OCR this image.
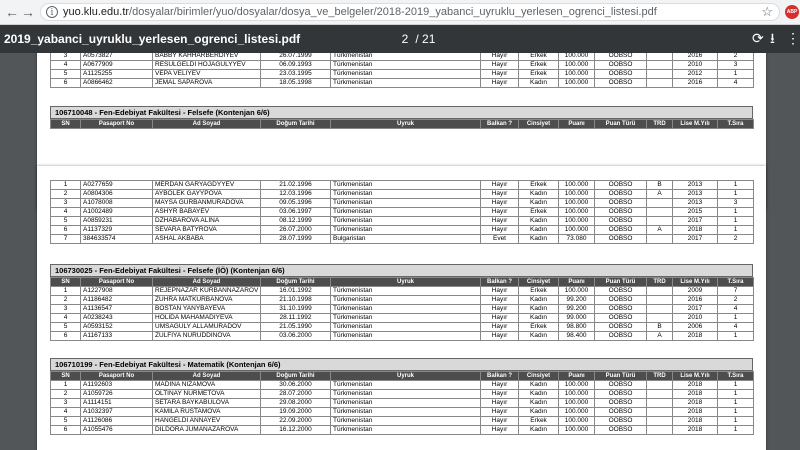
← →	i yuo.klu.edu.tr/dosyalar/birimler/yuo/dosyalar/dosya_ve_belgeler/2018-2019_yabanci_uyruklu_yerlesen_ogrenci_listesi.pdf	☆	ABP
2019_yabanci_uyruklu_yerlesen_ogrenci_listesi.pdf	2 / 21	⟳ ⭳ ⋮
3	A0573827	BABBY KAHHARBERDIYEV	26.07.1999	Türkmenistan	Hayır	Erkek	100.000	OOBSO		2016	2
4	A0677909	RESULGELDI HOJAGULYYEV	06.09.1993	Türkmenistan	Hayır	Erkek	100.000	OOBSO		2010	3
5	A1125255	VEPA VELIYEV	23.03.1995	Türkmenistan	Hayır	Erkek	100.000	OOBSO		2012	1
6	A0866462	JEMAL SAPAROVA	18.05.1998	Türkmenistan	Hayır	Kadın	100.000	OOBSO		2016	4
106710048 - Fen-Edebiyat Fakültesi - Felsefe (Kontenjan 6/6)
SN	Pasaport No	Ad Soyad	Doğum Tarihi	Uyruk	Balkan ?	Cinsiyet	Puanı	Puan Türü	TRD	Lise M.Yılı	T.Sıra
1	A0277659	MERDAN GARYAGDYYEV	21.02.1996	Türkmenistan	Hayır	Erkek	100.000	OOBSO	B	2013	1
2	A0804306	AYBOLEK GAYYPOVA	12.03.1996	Türkmenistan	Hayır	Kadın	100.000	OOBSO	A	2013	1
3	A1078008	MAYSA GURBANMURADOVA	09.05.1996	Türkmenistan	Hayır	Kadın	100.000	OOBSO		2013	3
4	A1002489	ASHYR BABAYEV	03.06.1997	Türkmenistan	Hayır	Erkek	100.000	OOBSO		2015	1
5	A0859231	DZHABAROVA ALINA	08.12.1999	Türkmenistan	Hayır	Kadın	100.000	OOBSO		2017	1
6	A1137329	SEVARA BATYROVA	26.07.2000	Türkmenistan	Hayır	Kadın	100.000	OOBSO	A	2018	1
7	384633574	ASHAL AKBABA	28.07.1999	Bulgaristan	Evet	Kadın	73.080	OOBSO		2017	2
106730025 - Fen-Edebiyat Fakültesi - Felsefe (İÖ) (Kontenjan 6/6)
SN	Pasaport No	Ad Soyad	Doğum Tarihi	Uyruk	Balkan ?	Cinsiyet	Puanı	Puan Türü	TRD	Lise M.Yılı	T.Sıra
1	A1227908	REJEPNAZAR KURBANNAZAROV	16.01.1992	Türkmenistan	Hayır	Erkek	100.000	OOBSO		2009	7
2	A1186482	ZUHRA MATKURBANOVA	21.10.1998	Türkmenistan	Hayır	Kadın	99.200	OOBSO		2016	2
3	A1136547	BOSTAN YANYBAYEVA	31.10.1999	Türkmenistan	Hayır	Kadın	99.200	OOBSO		2017	4
4	A0238243	HOLIDA MAHAMADIYEVA	28.11.1992	Türkmenistan	Hayır	Kadın	99.000	OOBSO		2010	1
5	A0593152	UMSAGULY ALLAMURADOV	21.05.1990	Türkmenistan	Hayır	Erkek	98.800	OOBSO	B	2006	4
6	A1167133	ZULFIYA NURUDDINOVA	03.06.2000	Türkmenistan	Hayır	Kadın	98.400	OOBSO	A	2018	1
106710199 - Fen-Edebiyat Fakültesi - Matematik (Kontenjan 6/6)
SN	Pasaport No	Ad Soyad	Doğum Tarihi	Uyruk	Balkan ?	Cinsiyet	Puanı	Puan Türü	TRD	Lise M.Yılı	T.Sıra
1	A1192603	MADINA NIZAMOVA	30.06.2000	Türkmenistan	Hayır	Kadın	100.000	OOBSO		2018	1
2	A1059726	OLTINAY NURMETOVA	28.07.2000	Türkmenistan	Hayır	Kadın	100.000	OOBSO		2018	1
3	A1114151	SETARA BAYKABULOVA	29.08.2000	Türkmenistan	Hayır	Kadın	100.000	OOBSO		2018	1
4	A1032397	KAMILA RUSTAMOVA	19.09.2000	Türkmenistan	Hayır	Kadın	100.000	OOBSO		2018	1
5	A1126086	HANGELDI ANNAYEV	22.09.2000	Türkmenistan	Hayır	Erkek	100.000	OOBSO		2018	1
6	A1055476	DILDORA JUMANAZAROVA	16.12.2000	Türkmenistan	Hayır	Kadın	100.000	OOBSO		2018	1
